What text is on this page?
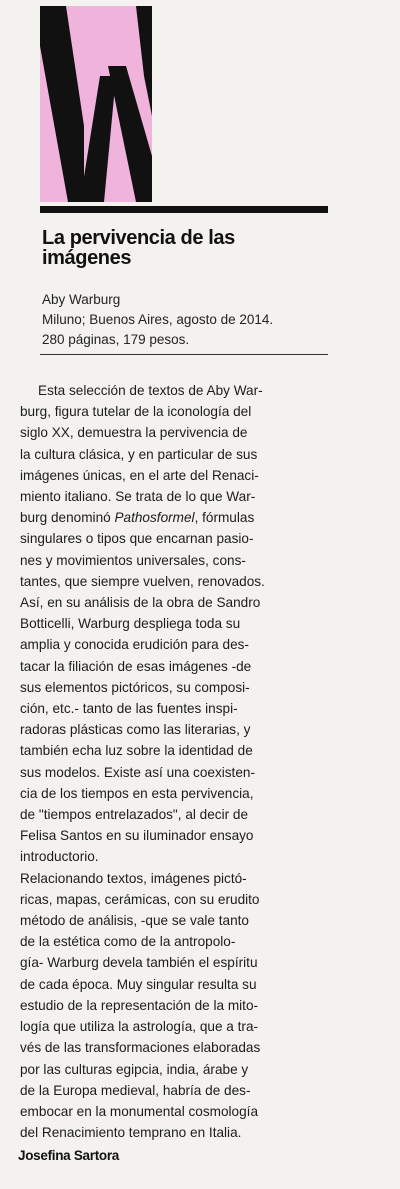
La pervivencia de las
imágenes
Aby Warburg
Miluno; Buenos Aires, agosto de 2014.
280 páginas, 179 pesos.
Esta selección de textos de Aby War-
burg, figura tutelar de la iconología del
siglo XX, demuestra la pervivencia de
la cultura clásica, y en particular de sus
imágenes únicas, en el arte del Renaci-
miento italiano. Se trata de lo que War-
burg denominó Pathosformel, fórmulas
singulares o tipos que encarnan pasio-
nes y movimientos universales, cons-
tantes, que siempre vuelven, renovados.
Así, en su análisis de la obra de Sandro
Botticelli, Warburg despliega toda su
amplia y conocida erudición para des-
tacar la filiación de esas imágenes -de
sus elementos pictóricos, su composi-
ción, etc.- tanto de las fuentes inspi-
radoras plásticas como las literarias, y
también echa luz sobre la identidad de
sus modelos. Existe así una coexisten-
cia de los tiempos en esta pervivencia,
de "tiempos entrelazados", al decir de
Felisa Santos en su iluminador ensayo
introductorio.
Relacionando textos, imágenes pictó-
ricas, mapas, cerámicas, con su erudito
método de análisis, -que se vale tanto
de la estética como de la antropolo-
gía- Warburg devela también el espíritu
de cada época. Muy singular resulta su
estudio de la representación de la mito-
logía que utiliza la astrología, que a tra-
vés de las transformaciones elaboradas
por las culturas egipcia, india, árabe y
de la Europa medieval, habría de des-
embocar en la monumental cosmología
del Renacimiento temprano en Italia.
Josefina Sartora
